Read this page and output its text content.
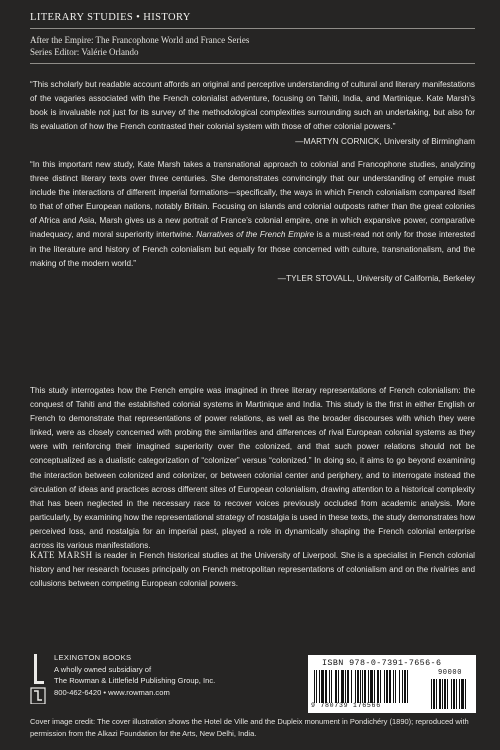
LITERARY STUDIES • HISTORY
After the Empire: The Francophone World and France Series
Series Editor: Valérie Orlando

“This scholarly but readable account affords an original and perceptive understanding of cultural and literary manifestations of the vagaries associated with the French colonialist adventure, focusing on Tahiti, India, and Martinique. Kate Marsh’s book is invaluable not just for its survey of the methodological complexities surrounding such an undertaking, but also for its evaluation of how the French contrasted their colonial system with those of other colonial powers.”

—MARTYN CORNICK, University of Birmingham

“In this important new study, Kate Marsh takes a transnational approach to colonial and Francophone studies, analyzing three distinct literary texts over three centuries. She demonstrates convincingly that our understanding of empire must include the interactions of different imperial formations—specifically, the ways in which French colonialism compared itself to that of other European nations, notably Britain. Focusing on islands and colonial outposts rather than the great colonies of Africa and Asia, Marsh gives us a new portrait of France’s colonial empire, one in which expansive power, comparative inadequacy, and moral superiority intertwine. Narratives of the French Empire is a must-read not only for those interested in the literature and history of French colonialism but equally for those concerned with culture, transnationalism, and the making of the modern world.”

—TYLER STOVALL, University of California, Berkeley

This study interrogates how the French empire was imagined in three literary representations of French colonialism: the conquest of Tahiti and the established colonial systems in Martinique and India. This study is the first in either English or French to demonstrate that representations of power relations, as well as the broader discourses with which they were linked, were as closely concerned with probing the similarities and differences of rival European colonial systems as they were with reinforcing their imagined superiority over the colonized, and that such power relations should not be conceptualized as a dualistic categorization of “colonizer” versus “colonized.” In doing so, it aims to go beyond examining the interaction between colonized and colonizer, or between colonial center and periphery, and to interrogate instead the circulation of ideas and practices across different sites of European colonialism, drawing attention to a historical complexity that has been neglected in the necessary race to recover voices previously occluded from academic analysis. More particularly, by examining how the representational strategy of nostalgia is used in these texts, the study demonstrates how perceived loss, and nostalgia for an imperial past, played a role in dynamically shaping the French colonial enterprise across its various manifestations.

KATE MARSH is reader in French historical studies at the University of Liverpool. She is a specialist in French colonial history and her research focuses principally on French metropolitan representations of colonialism and on the rivalries and collusions between competing European colonial powers.

LEXINGTON BOOKS
A wholly owned subsidiary of
The Rowman & Littlefield Publishing Group, Inc.
800-462-6420 • www.rowman.com
ISBN 978-0-7391-7656-6
9 780739 176566
90000
Cover image credit: The cover illustration shows the Hotel de Ville and the Dupleix monument in Pondichéry (1890); reproduced with permission from the Alkazi Foundation for the Arts, New Delhi, India.
